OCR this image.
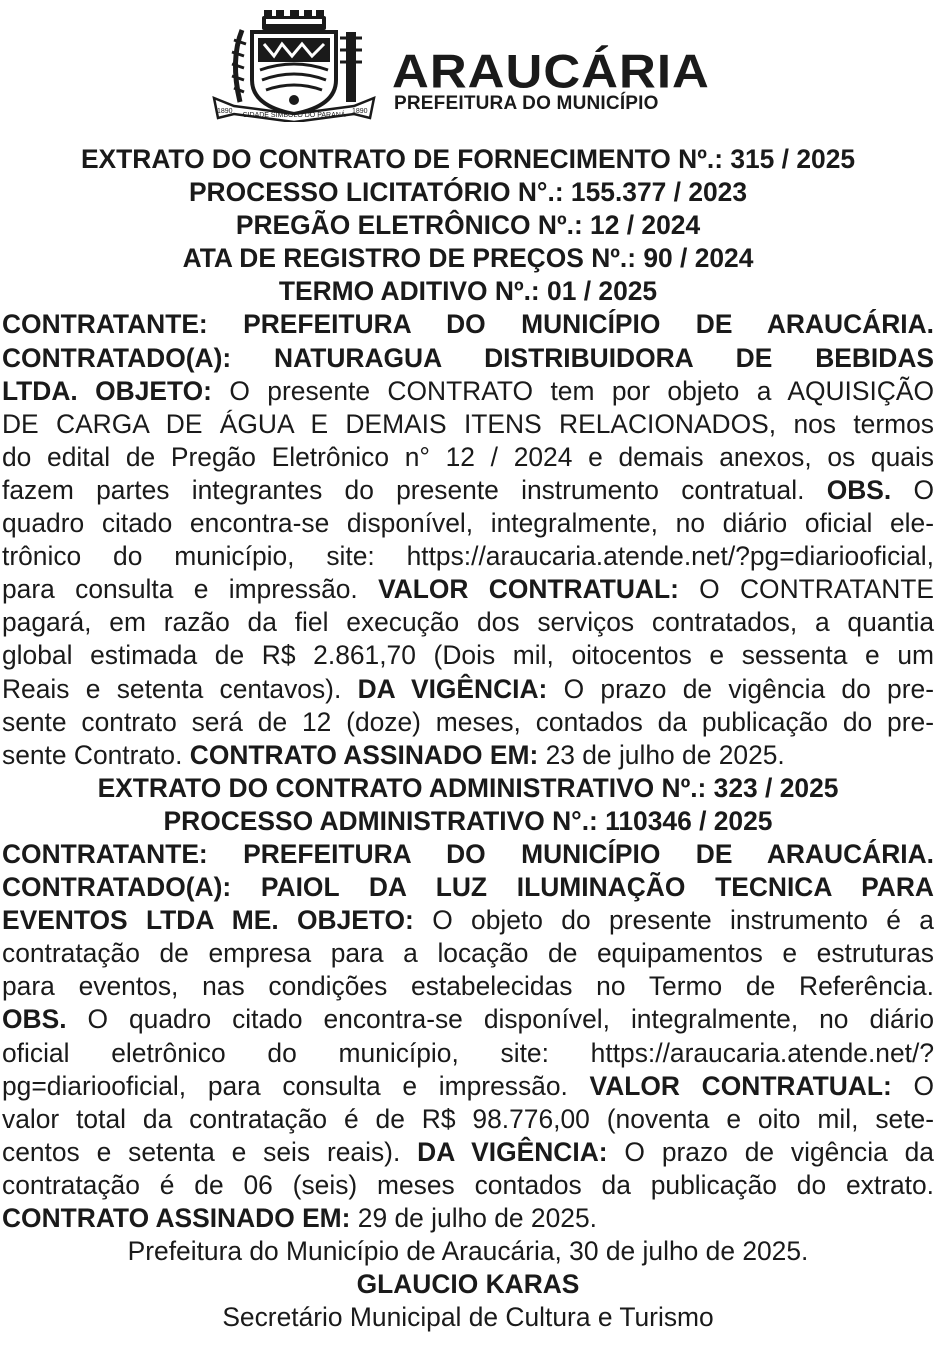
1890
CIDADE SÍMBOLO DO PARANÁ
1890
ARAUCÁRIA
PREFEITURA DO MUNICÍPIO
EXTRATO DO CONTRATO DE FORNECIMENTO Nº.: 315 / 2025
PROCESSO LICITATÓRIO N°.: 155.377 / 2023
PREGÃO ELETRÔNICO Nº.: 12 / 2024
ATA DE REGISTRO DE PREÇOS Nº.: 90 / 2024
TERMO ADITIVO Nº.: 01 / 2025
CONTRATANTE: PREFEITURA DO MUNICÍPIO DE ARAUCÁRIA.
CONTRATADO(A): NATURAGUA DISTRIBUIDORA DE BEBIDAS
LTDA. OBJETO: O presente CONTRATO tem por objeto a AQUISIÇÃO
DE CARGA DE ÁGUA E DEMAIS ITENS RELACIONADOS, nos termos
do edital de Pregão Eletrônico n° 12 / 2024 e demais anexos, os quais
fazem partes integrantes do presente instrumento contratual. OBS. O
quadro citado encontra-se disponível, integralmente, no diário oficial ele-
trônico do município, site: https://araucaria.atende.net/?pg=diariooficial,
para consulta e impressão. VALOR CONTRATUAL: O CONTRATANTE
pagará, em razão da fiel execução dos serviços contratados, a quantia
global estimada de R$ 2.861,70 (Dois mil, oitocentos e sessenta e um
Reais e setenta centavos). DA VIGÊNCIA: O prazo de vigência do pre-
sente contrato será de 12 (doze) meses, contados da publicação do pre-
sente Contrato. CONTRATO ASSINADO EM: 23 de julho de 2025.
EXTRATO DO CONTRATO ADMINISTRATIVO Nº.: 323 / 2025
PROCESSO ADMINISTRATIVO N°.: 110346 / 2025
CONTRATANTE: PREFEITURA DO MUNICÍPIO DE ARAUCÁRIA.
CONTRATADO(A): PAIOL DA LUZ ILUMINAÇÃO TECNICA PARA
EVENTOS LTDA ME. OBJETO: O objeto do presente instrumento é a
contratação de empresa para a locação de equipamentos e estruturas
para eventos, nas condições estabelecidas no Termo de Referência.
OBS. O quadro citado encontra-se disponível, integralmente, no diário
oficial eletrônico do município, site: https://araucaria.atende.net/?
pg=diariooficial, para consulta e impressão. VALOR CONTRATUAL: O
valor total da contratação é de R$ 98.776,00 (noventa e oito mil, sete-
centos e setenta e seis reais). DA VIGÊNCIA: O prazo de vigência da
contratação é de 06 (seis) meses contados da publicação do extrato.
CONTRATO ASSINADO EM: 29 de julho de 2025.
Prefeitura do Município de Araucária, 30 de julho de 2025.
GLAUCIO KARAS
Secretário Municipal de Cultura e Turismo
